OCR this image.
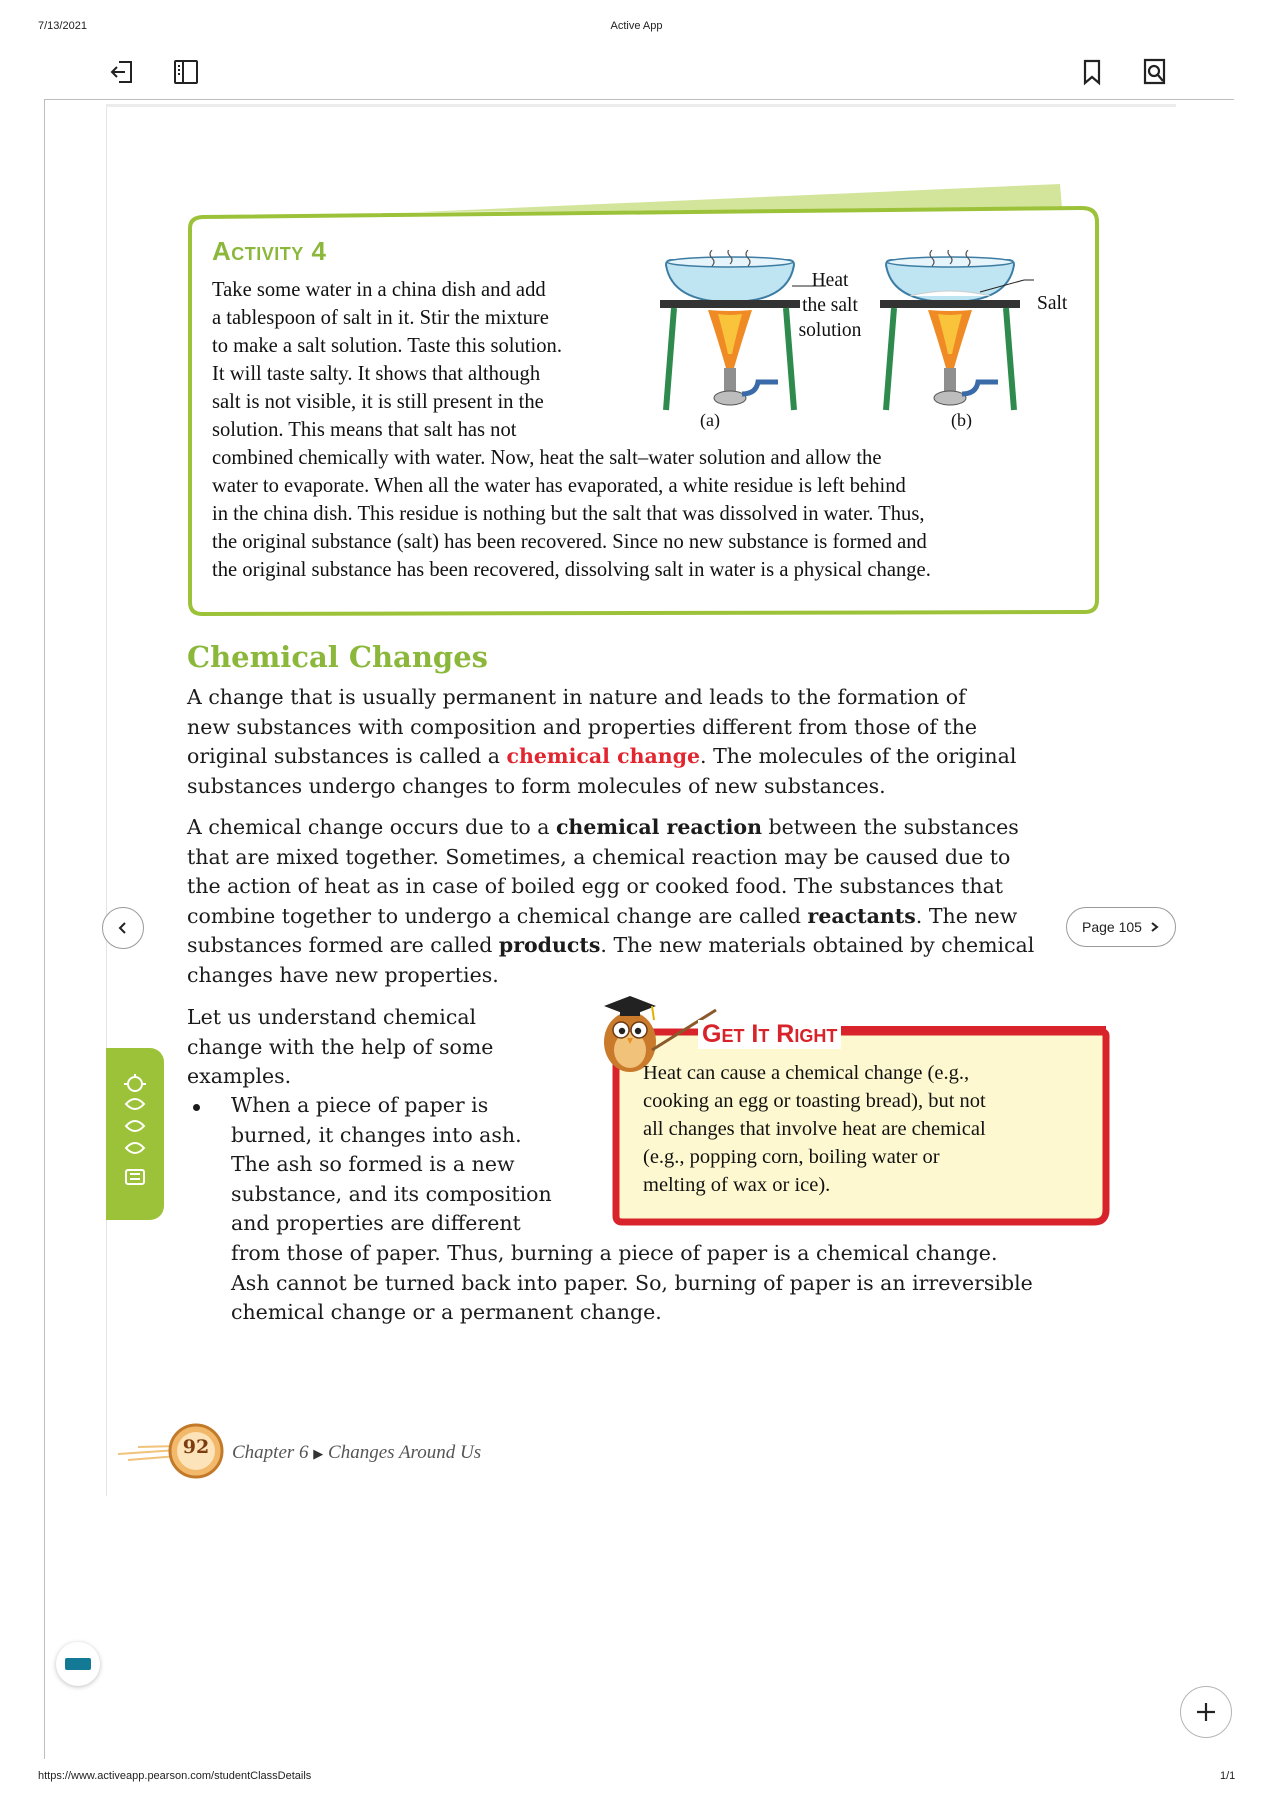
7/13/2021	Active App
Activity 4
Take some water in a china dish and add
a tablespoon of salt in it. Stir the mixture
to make a salt solution. Taste this solution.
It will taste salty. It shows that although
salt is not visible, it is still present in the
solution. This means that salt has not
combined chemically with water. Now, heat the salt–water solution and allow the
water to evaporate. When all the water has evaporated, a white residue is left behind
in the china dish. This residue is nothing but the salt that was dissolved in water. Thus,
the original substance (salt) has been recovered. Since no new substance is formed and
the original substance has been recovered, dissolving salt in water is a physical change.
Heat
the salt
solution
Salt
(a)	(b)
Chemical Changes

A change that is usually permanent in nature and leads to the formation of

new substances with composition and properties different from those of the

original substances is called a chemical change. The molecules of the original

substances undergo changes to form molecules of new substances.

A chemical change occurs due to a chemical reaction between the substances

that are mixed together. Sometimes, a chemical reaction may be caused due to

the action of heat as in case of boiled egg or cooked food. The substances that

combine together to undergo a chemical change are called reactants. The new

substances formed are called products. The new materials obtained by chemical

changes have new properties.

Let us understand chemical

change with the help of some

examples.

When a piece of paper is

burned, it changes into ash.

The ash so formed is a new

substance, and its composition

and properties are different

from those of paper. Thus, burning a piece of paper is a chemical change.

Ash cannot be turned back into paper. So, burning of paper is an irreversible

chemical change or a permanent change.

Get It Right
Heat can cause a chemical change (e.g.,
cooking an egg or toasting bread), but not
all changes that involve heat are chemical
(e.g., popping corn, boiling water or
melting of wax or ice).
92	Chapter 6 ▶ Changes Around Us
Page 105
https://www.activeapp.pearson.com/studentClassDetails	1/1
